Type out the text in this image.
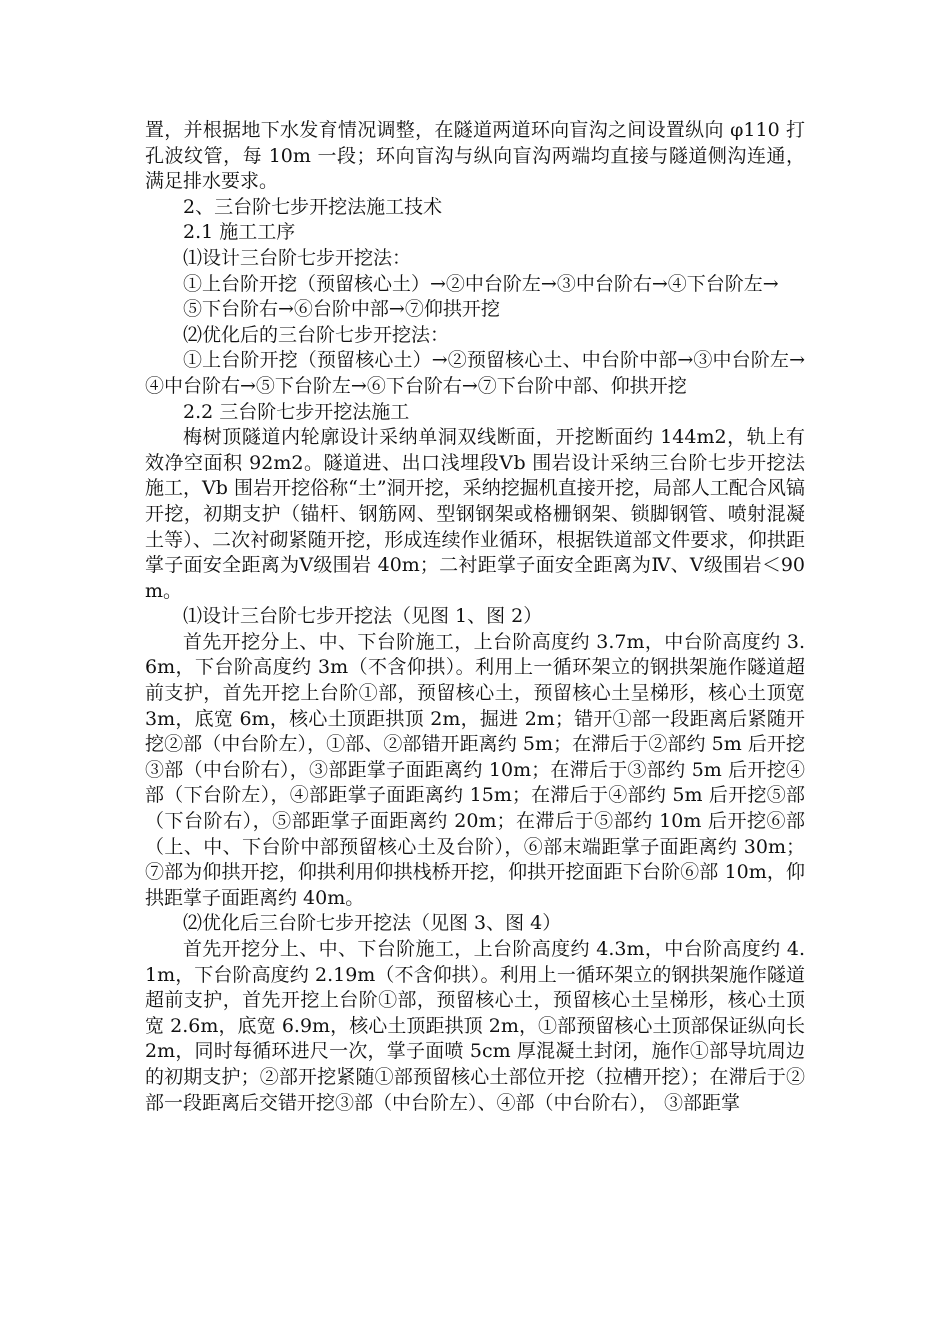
置，并根据地下水发育情况调整，在隧道两道环向盲沟之间设置纵向 φ110 打孔波纹管，每 10m 一段；环向盲沟与纵向盲沟两端均直接与隧道侧沟连通，满足排水要求。

2、三台阶七步开挖法施工技术

2.1 施工工序

⑴设计三台阶七步开挖法：

①上台阶开挖（预留核心土）→②中台阶左→③中台阶右→④下台阶左→

⑤下台阶右→⑥台阶中部→⑦仰拱开挖

⑵优化后的三台阶七步开挖法：

①上台阶开挖（预留核心土）→②预留核心土、中台阶中部→③中台阶左→④中台阶右→⑤下台阶左→⑥下台阶右→⑦下台阶中部、仰拱开挖

2.2 三台阶七步开挖法施工

梅树顶隧道内轮廓设计采纳单洞双线断面，开挖断面约 144m2，轨上有效净空面积 92m2。隧道进、出口浅埋段Ⅴb 围岩设计采纳三台阶七步开挖法施工，Ⅴb 围岩开挖俗称“土”洞开挖，采纳挖掘机直接开挖，局部人工配合风镐开挖，初期支护（锚杆、钢筋网、型钢钢架或格栅钢架、锁脚钢管、喷射混凝土等）、二次衬砌紧随开挖，形成连续作业循环，根据铁道部文件要求，仰拱距掌子面安全距离为Ⅴ级围岩 40m；二衬距掌子面安全距离为Ⅳ、Ⅴ级围岩＜90m。

⑴设计三台阶七步开挖法（见图 1、图 2）

首先开挖分上、中、下台阶施工，上台阶高度约 3.7m，中台阶高度约 3.6m，下台阶高度约 3m（不含仰拱）。利用上一循环架立的钢拱架施作隧道超前支护，首先开挖上台阶①部，预留核心土，预留核心土呈梯形，核心土顶宽 3m，底宽 6m，核心土顶距拱顶 2m，掘进 2m；错开①部一段距离后紧随开挖②部（中台阶左），①部、②部错开距离约 5m；在滞后于②部约 5m 后开挖③部（中台阶右），③部距掌子面距离约 10m；在滞后于③部约 5m 后开挖④部（下台阶左），④部距掌子面距离约 15m；在滞后于④部约 5m 后开挖⑤部（下台阶右），⑤部距掌子面距离约 20m；在滞后于⑤部约 10m 后开挖⑥部（上、中、下台阶中部预留核心土及台阶），⑥部末端距掌子面距离约 30m；⑦部为仰拱开挖，仰拱利用仰拱栈桥开挖，仰拱开挖面距下台阶⑥部 10m，仰拱距掌子面距离约 40m。

⑵优化后三台阶七步开挖法（见图 3、图 4）

首先开挖分上、中、下台阶施工，上台阶高度约 4.3m，中台阶高度约 4.1m，下台阶高度约 2.19m（不含仰拱）。利用上一循环架立的钢拱架施作隧道超前支护，首先开挖上台阶①部，预留核心土，预留核心土呈梯形，核心土顶宽 2.6m，底宽 6.9m，核心土顶距拱顶 2m，①部预留核心土顶部保证纵向长 2m，同时每循环进尺一次，掌子面喷 5cm 厚混凝土封闭，施作①部导坑周边的初期支护；②部开挖紧随①部预留核心土部位开挖（拉槽开挖）；在滞后于②部一段距离后交错开挖③部（中台阶左）、④部（中台阶右）， ③部距掌
